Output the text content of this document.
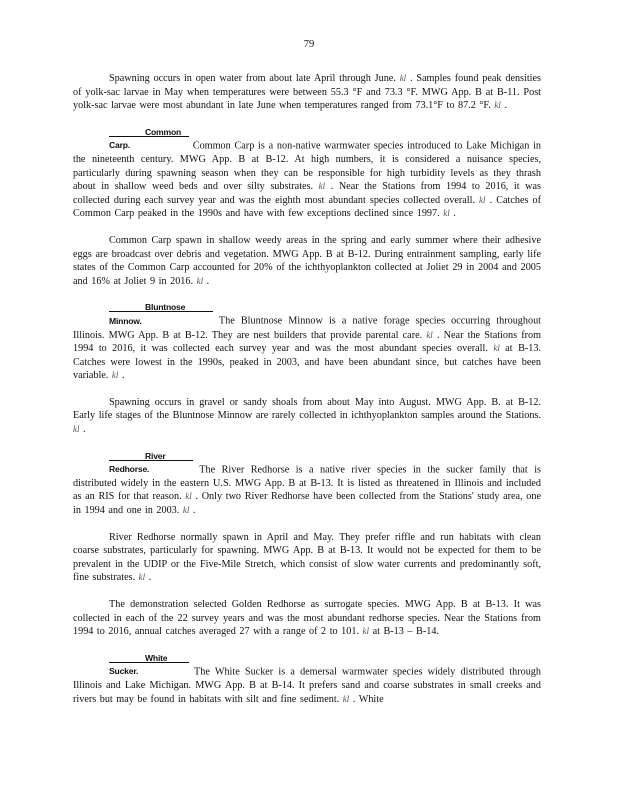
79

Spawning occurs in open water from about late April through June. kl . Samples found peak densities of yolk-sac larvae in May when temperatures were between 55.3 °F and 73.3 °F. MWG App. B at B-11. Post yolk-sac larvae were most abundant in late June when temperatures ranged from 73.1°F to 87.2 °F. kl .

Common Carp.	Common Carp is a non-native warmwater species introduced to Lake Michigan in the nineteenth century. MWG App. B at B-12. At high numbers, it is considered a nuisance species, particularly during spawning season when they can be responsible for high turbidity levels as they thrash about in shallow weed beds and over silty substrates. kl . Near the Stations from 1994 to 2016, it was collected during each survey year and was the eighth most abundant species collected overall. kl . Catches of Common Carp peaked in the 1990s and have with few exceptions declined since 1997. kl .

Common Carp spawn in shallow weedy areas in the spring and early summer where their adhesive eggs are broadcast over debris and vegetation. MWG App. B at B-12. During entrainment sampling, early life states of the Common Carp accounted for 20% of the ichthyoplankton collected at Joliet 29 in 2004 and 2005 and 16% at Joliet 9 in 2016. kl .

Bluntnose Minnow.	The Bluntnose Minnow is a native forage species occurring throughout Illinois. MWG App. B at B-12. They are nest builders that provide parental care. kl . Near the Stations from 1994 to 2016, it was collected each survey year and was the most abundant species overall. kl at B-13. Catches were lowest in the 1990s, peaked in 2003, and have been abundant since, but catches have been variable. kl .

Spawning occurs in gravel or sandy shoals from about May into August. MWG App. B. at B-12. Early life stages of the Bluntnose Minnow are rarely collected in ichthyoplankton samples around the Stations. kl .

River Redhorse.	The River Redhorse is a native river species in the sucker family that is distributed widely in the eastern U.S. MWG App. B at B-13. It is listed as threatened in Illinois and included as an RIS for that reason. kl . Only two River Redhorse have been collected from the Stations' study area, one in 1994 and one in 2003. kl .

River Redhorse normally spawn in April and May. They prefer riffle and run habitats with clean coarse substrates, particularly for spawning. MWG App. B at B-13. It would not be expected for them to be prevalent in the UDIP or the Five-Mile Stretch, which consist of slow water currents and predominantly soft, fine substrates. kl .

The demonstration selected Golden Redhorse as surrogate species. MWG App. B at B-13. It was collected in each of the 22 survey years and was the most abundant redhorse species. Near the Stations from 1994 to 2016, annual catches averaged 27 with a range of 2 to 101. kl at B-13 – B-14.

White Sucker.	The White Sucker is a demersal warmwater species widely distributed through Illinois and Lake Michigan. MWG App. B at B-14. It prefers sand and coarse substrates in small creeks and rivers but may be found in habitats with silt and fine sediment. kl . White
